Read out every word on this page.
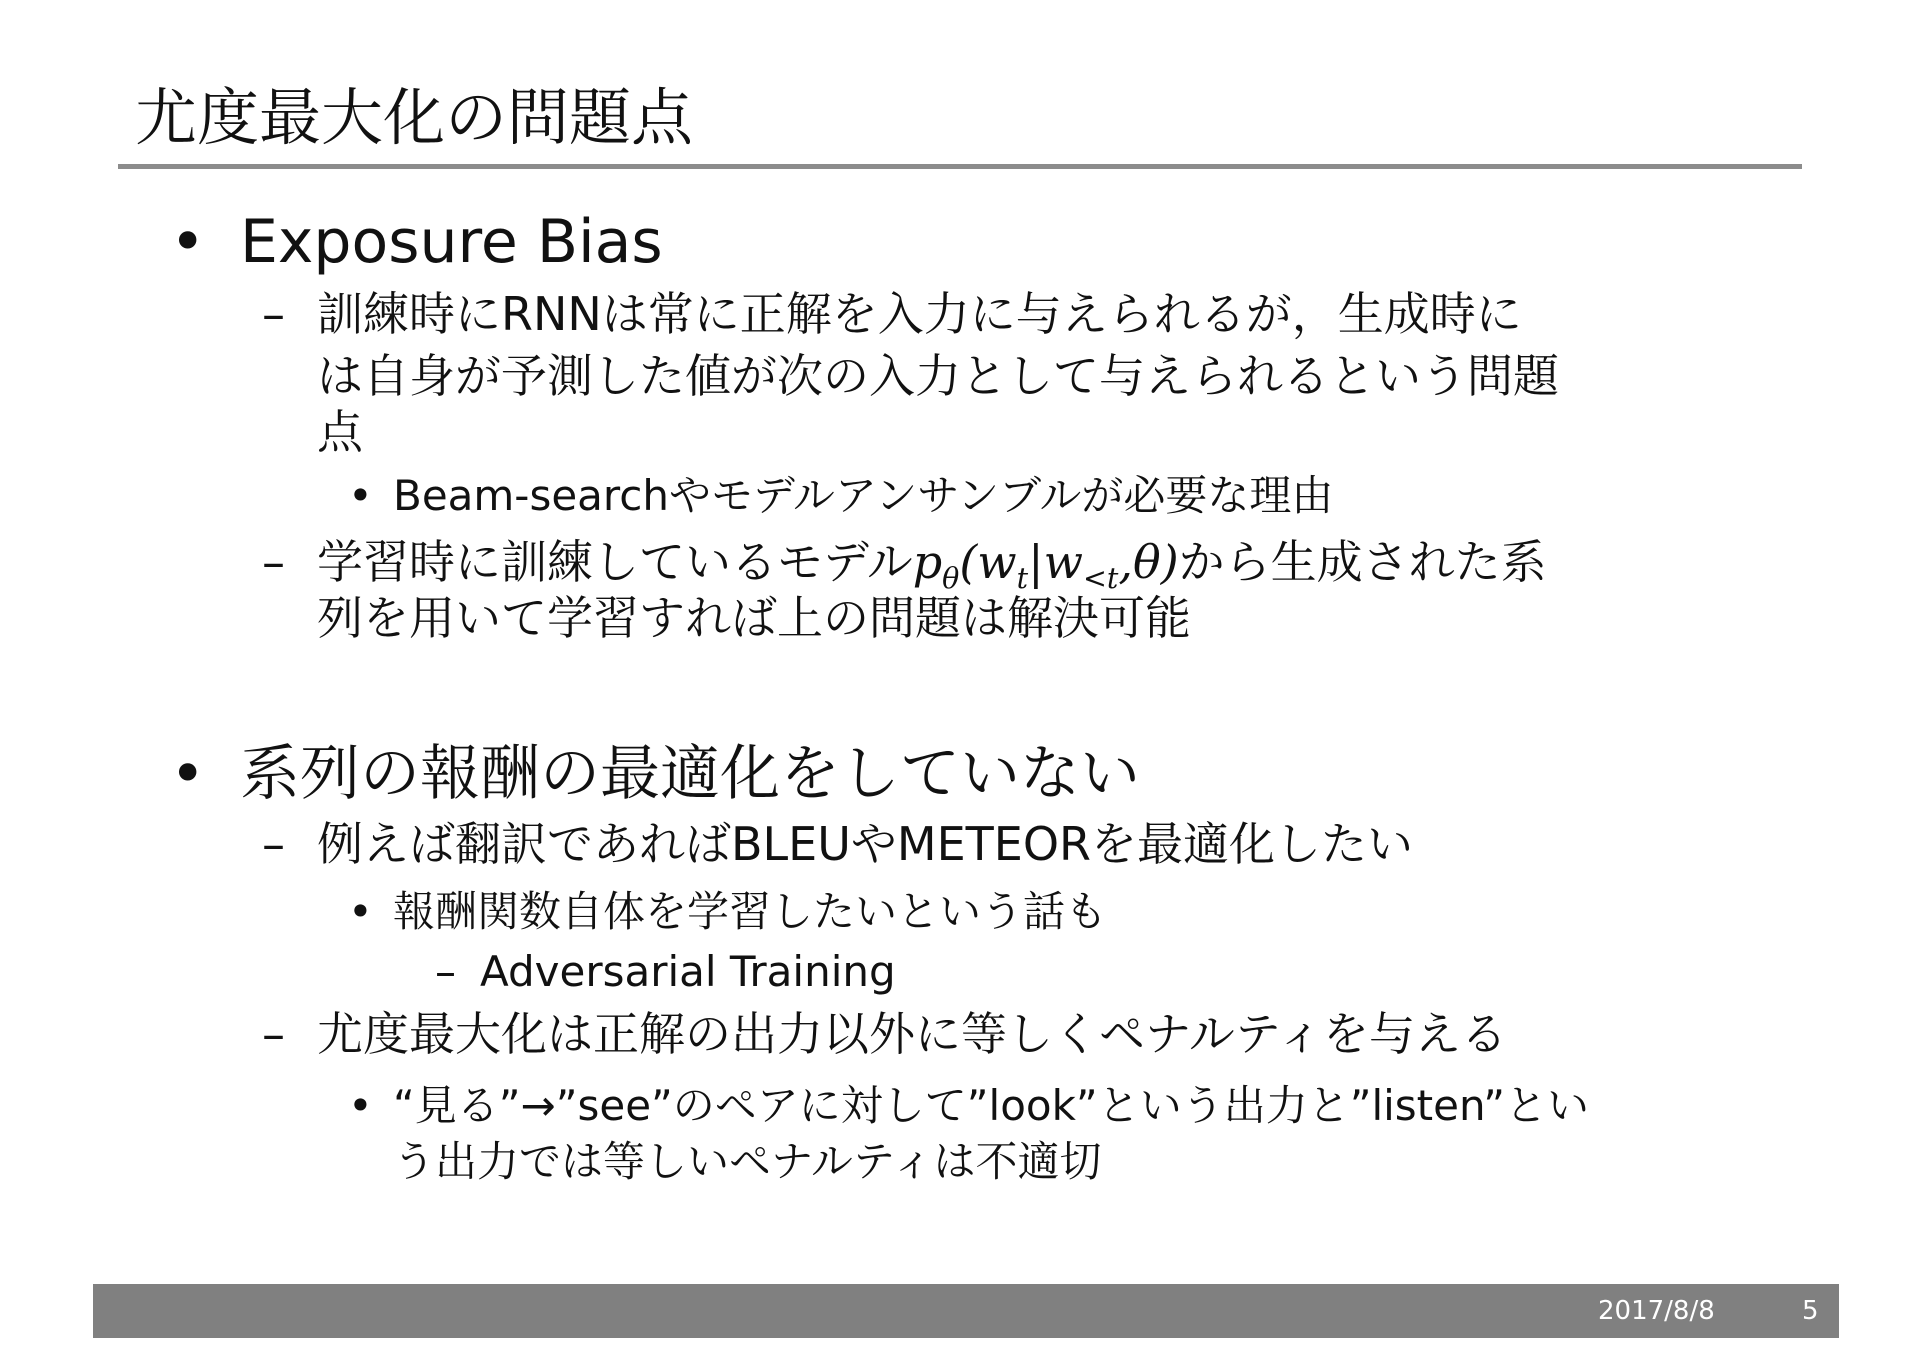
尤度最大化の問題点
• Exposure Bias
– 訓練時にRNNは常に正解を入力に与えられるが，生成時に
は自身が予測した値が次の入力として与えられるという問題
点
• Beam-searchやモデルアンサンブルが必要な理由
– 学習時に訓練しているモデル$p_\theta(w_t|w_{<t},\theta)$から生成された系
列を用いて学習すれば上の問題は解決可能
• 系列の報酬の最適化をしていない
– 例えば翻訳であればBLEUやMETEORを最適化したい
• 報酬関数自体を学習したいという話も
– Adversarial Training
– 尤度最大化は正解の出力以外に等しくペナルティを与える
• “見る”→”see”のペアに対して”look”という出力と”listen”とい
う出力では等しいペナルティは不適切
2017/8/8	5
